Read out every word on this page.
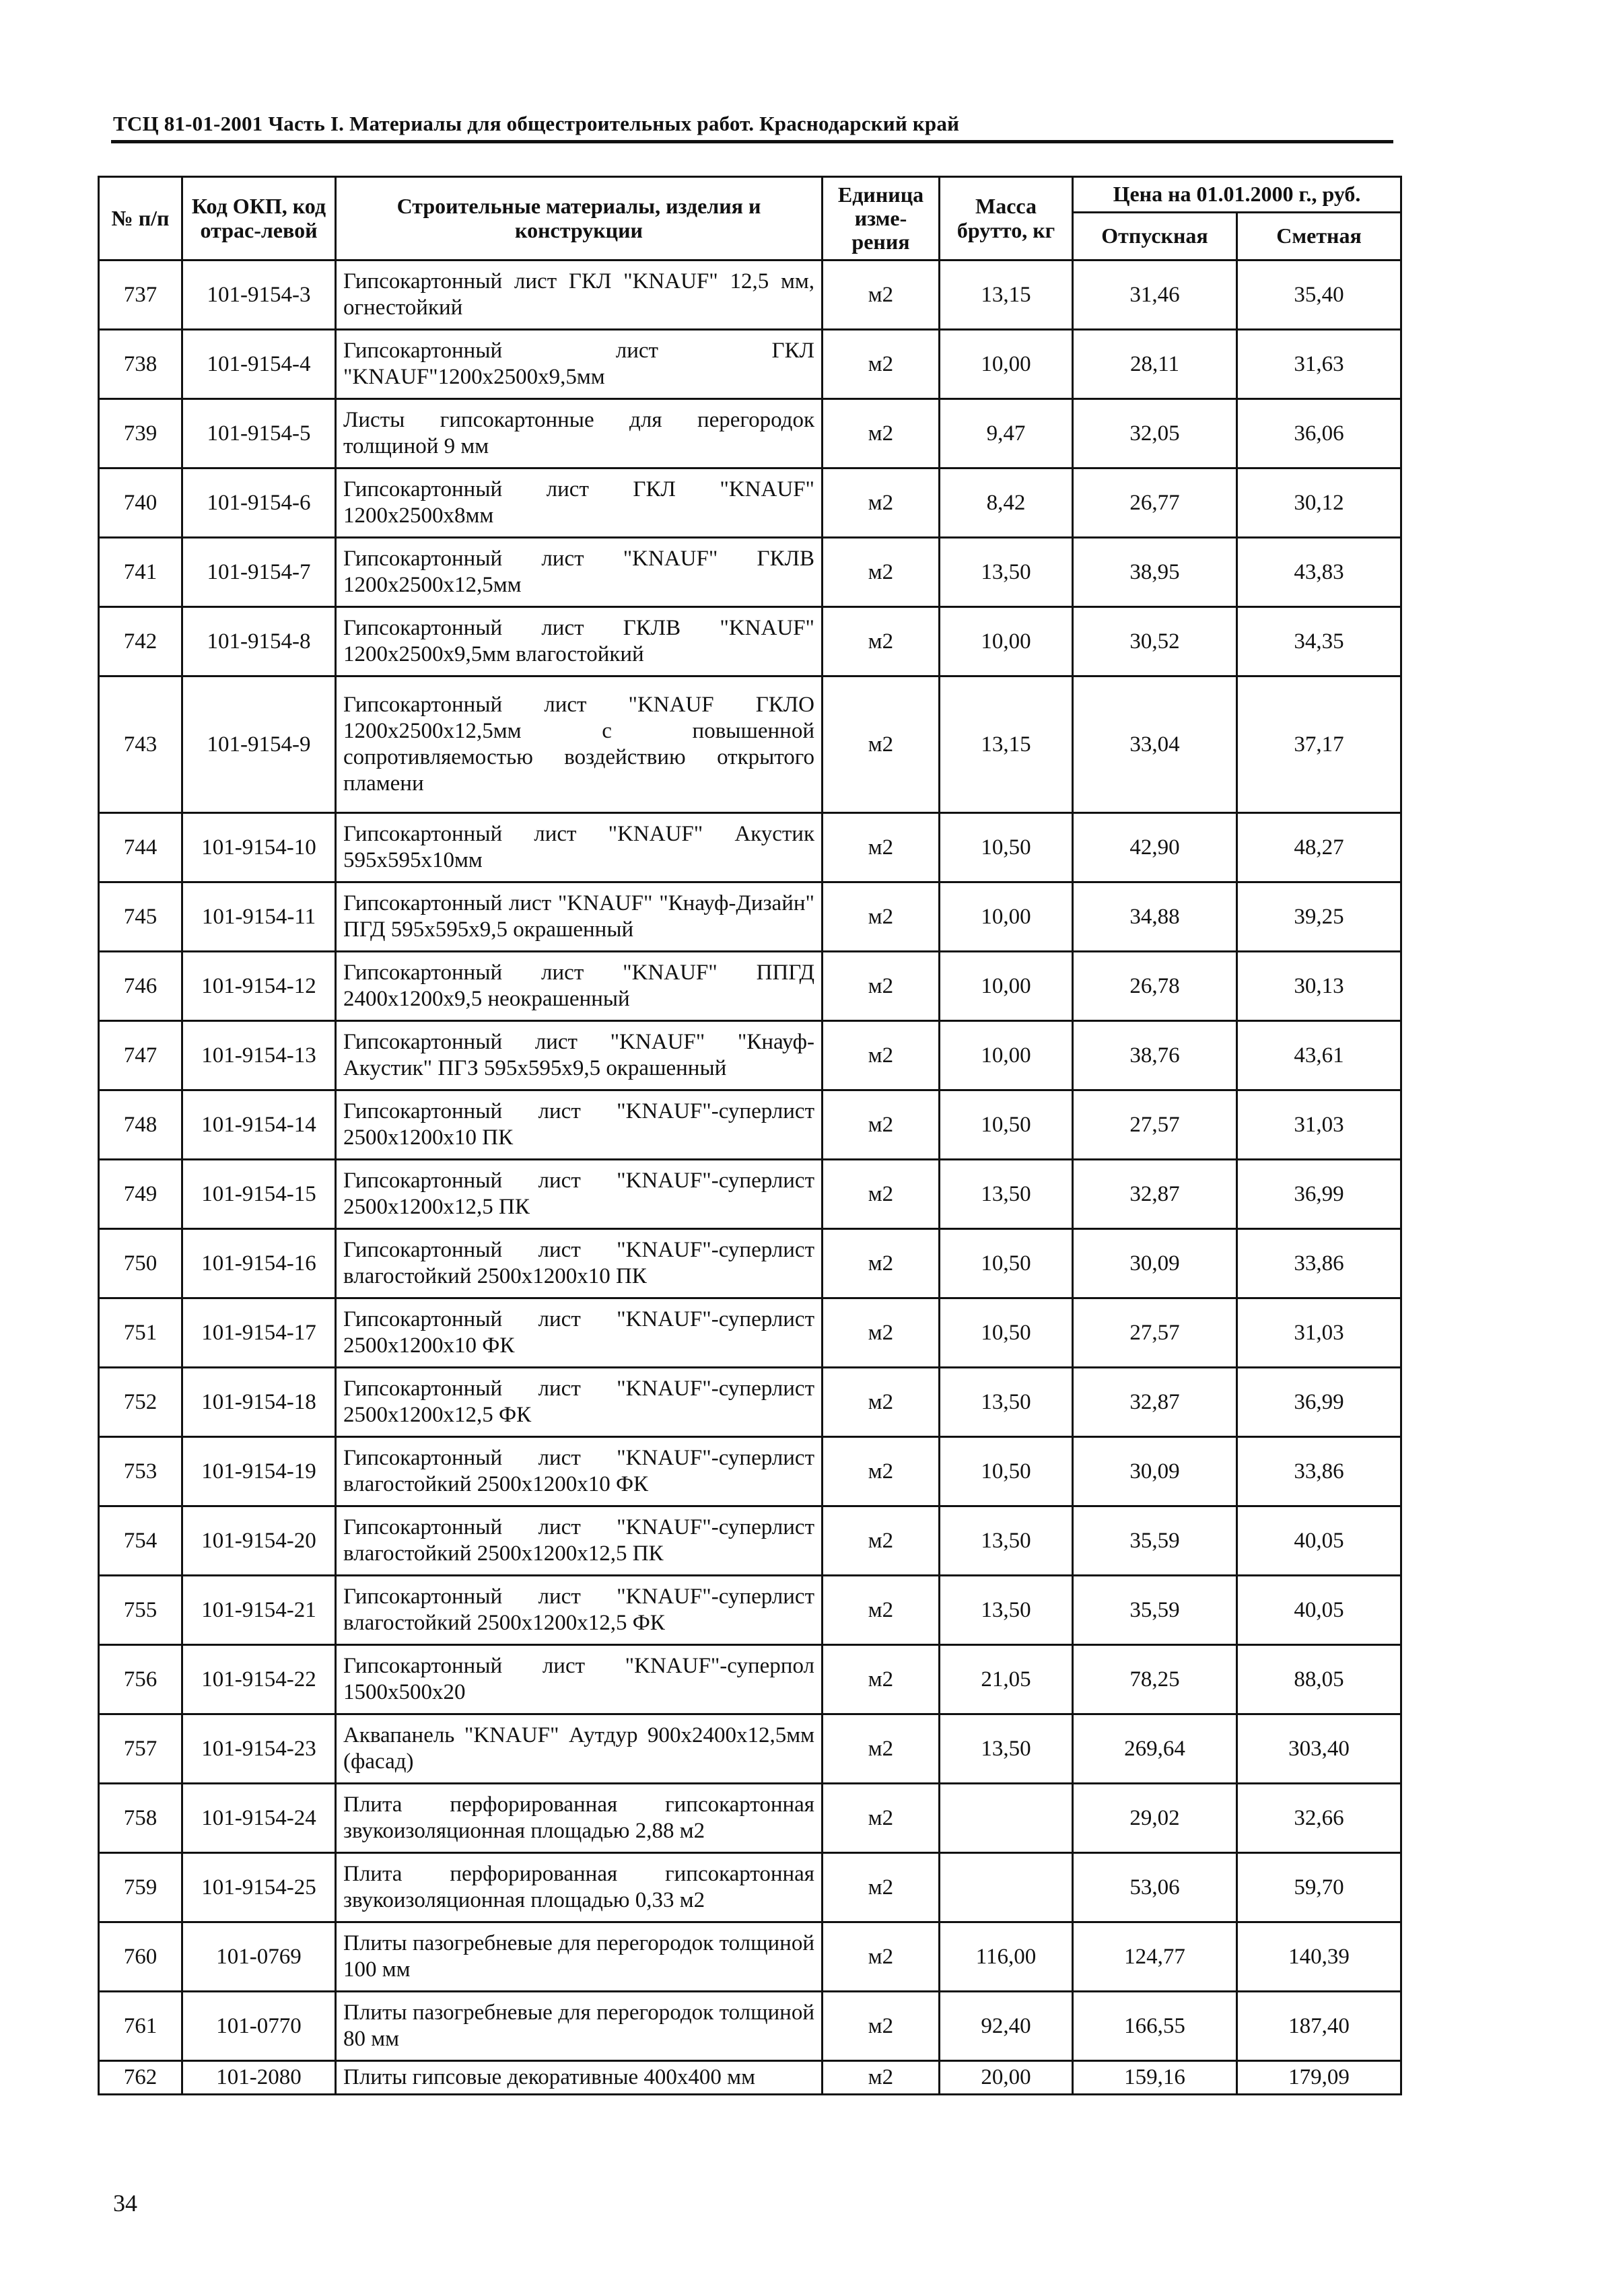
ТСЦ 81-01-2001 Часть I. Материалы для общестроительных работ. Краснодарский край
№ п/п	Код ОКП, код отрас-левой	Строительные материалы, изделия и конструкции	Единица изме-рения	Масса брутто, кг	Цена на 01.01.2000 г., руб.	
					Отпускная	Сметная
737	101-9154-3	Гипсокартонный лист ГКЛ "KNAUF" 12,5 мм, огнестойкий	м2	13,15	31,46	35,40
738	101-9154-4	Гипсокартонный лист ГКЛ "KNAUF"1200x2500x9,5мм	м2	10,00	28,11	31,63
739	101-9154-5	Листы гипсокартонные для перегородок толщиной 9 мм	м2	9,47	32,05	36,06
740	101-9154-6	Гипсокартонный лист ГКЛ "KNAUF" 1200x2500x8мм	м2	8,42	26,77	30,12
741	101-9154-7	Гипсокартонный лист "KNAUF" ГКЛВ 1200x2500x12,5мм	м2	13,50	38,95	43,83
742	101-9154-8	Гипсокартонный лист ГКЛВ "KNAUF" 1200x2500x9,5мм влагостойкий	м2	10,00	30,52	34,35
743	101-9154-9	Гипсокартонный лист "KNAUF ГКЛО 1200x2500x12,5мм с повышенной сопротивляемостью воздействию открытого пламени	м2	13,15	33,04	37,17
744	101-9154-10	Гипсокартонный лист "KNAUF" Акустик 595x595x10мм	м2	10,50	42,90	48,27
745	101-9154-11	Гипсокартонный лист "KNAUF" "Кнауф-Дизайн" ПГД 595x595x9,5 окрашенный	м2	10,00	34,88	39,25
746	101-9154-12	Гипсокартонный лист "KNAUF" ППГД 2400x1200x9,5 неокрашенный	м2	10,00	26,78	30,13
747	101-9154-13	Гипсокартонный лист "KNAUF" "Кнауф-Акустик" ПГЗ 595x595x9,5 окрашенный	м2	10,00	38,76	43,61
748	101-9154-14	Гипсокартонный лист "KNAUF"-суперлист 2500x1200x10 ПК	м2	10,50	27,57	31,03
749	101-9154-15	Гипсокартонный лист "KNAUF"-суперлист 2500x1200x12,5 ПК	м2	13,50	32,87	36,99
750	101-9154-16	Гипсокартонный лист "KNAUF"-суперлист влагостойкий 2500x1200x10 ПК	м2	10,50	30,09	33,86
751	101-9154-17	Гипсокартонный лист "KNAUF"-суперлист 2500x1200x10 ФК	м2	10,50	27,57	31,03
752	101-9154-18	Гипсокартонный лист "KNAUF"-суперлист 2500x1200x12,5 ФК	м2	13,50	32,87	36,99
753	101-9154-19	Гипсокартонный лист "KNAUF"-суперлист влагостойкий 2500x1200x10 ФК	м2	10,50	30,09	33,86
754	101-9154-20	Гипсокартонный лист "KNAUF"-суперлист влагостойкий 2500x1200x12,5 ПК	м2	13,50	35,59	40,05
755	101-9154-21	Гипсокартонный лист "KNAUF"-суперлист влагостойкий 2500x1200x12,5 ФК	м2	13,50	35,59	40,05
756	101-9154-22	Гипсокартонный лист "KNAUF"-суперпол 1500x500x20	м2	21,05	78,25	88,05
757	101-9154-23	Аквапанель "KNAUF" Аутдур 900x2400x12,5мм (фасад)	м2	13,50	269,64	303,40
758	101-9154-24	Плита перфорированная гипсокартонная звукоизоляционная площадью 2,88 м2	м2		29,02	32,66
759	101-9154-25	Плита перфорированная гипсокартонная звукоизоляционная площадью 0,33 м2	м2		53,06	59,70
760	101-0769	Плиты пазогребневые для перегородок толщиной 100 мм	м2	116,00	124,77	140,39
761	101-0770	Плиты пазогребневые для перегородок толщиной 80 мм	м2	92,40	166,55	187,40
762	101-2080	Плиты гипсовые декоративные 400x400 мм	м2	20,00	159,16	179,09
34
